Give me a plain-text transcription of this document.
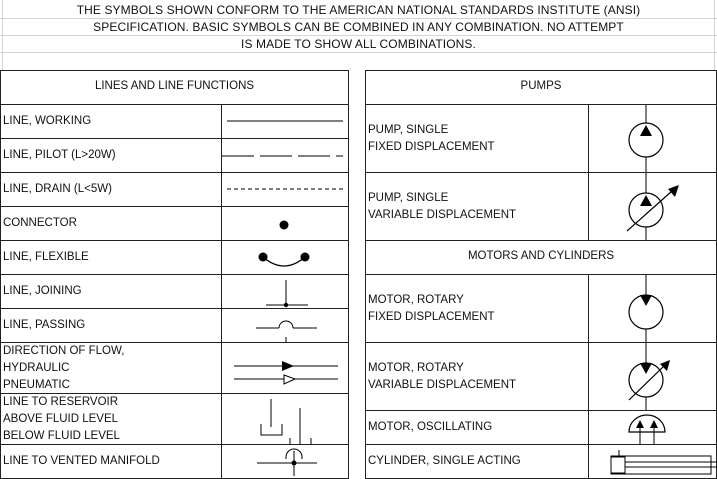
THE SYMBOLS SHOWN CONFORM TO THE AMERICAN NATIONAL STANDARDS INSTITUTE (ANSI)
SPECIFICATION. BASIC SYMBOLS CAN BE COMBINED IN ANY COMBINATION. NO ATTEMPT
IS MADE TO SHOW ALL COMBINATIONS.
LINES AND LINE FUNCTIONS
LINE, WORKING
LINE, PILOT (L>20W)
LINE, DRAIN (L<5W)
CONNECTOR
LINE, FLEXIBLE
LINE, JOINING
LINE, PASSING
DIRECTION OF FLOW,
HYDRAULIC
PNEUMATIC
LINE TO RESERVOIR
ABOVE FLUID LEVEL
BELOW FLUID LEVEL
LINE TO VENTED MANIFOLD
PUMPS
MOTORS AND CYLINDERS
PUMP, SINGLE
FIXED DISPLACEMENT
PUMP, SINGLE
VARIABLE DISPLACEMENT
MOTOR, ROTARY
FIXED DISPLACEMENT
MOTOR, ROTARY
VARIABLE DISPLACEMENT
MOTOR, OSCILLATING
CYLINDER, SINGLE ACTING
